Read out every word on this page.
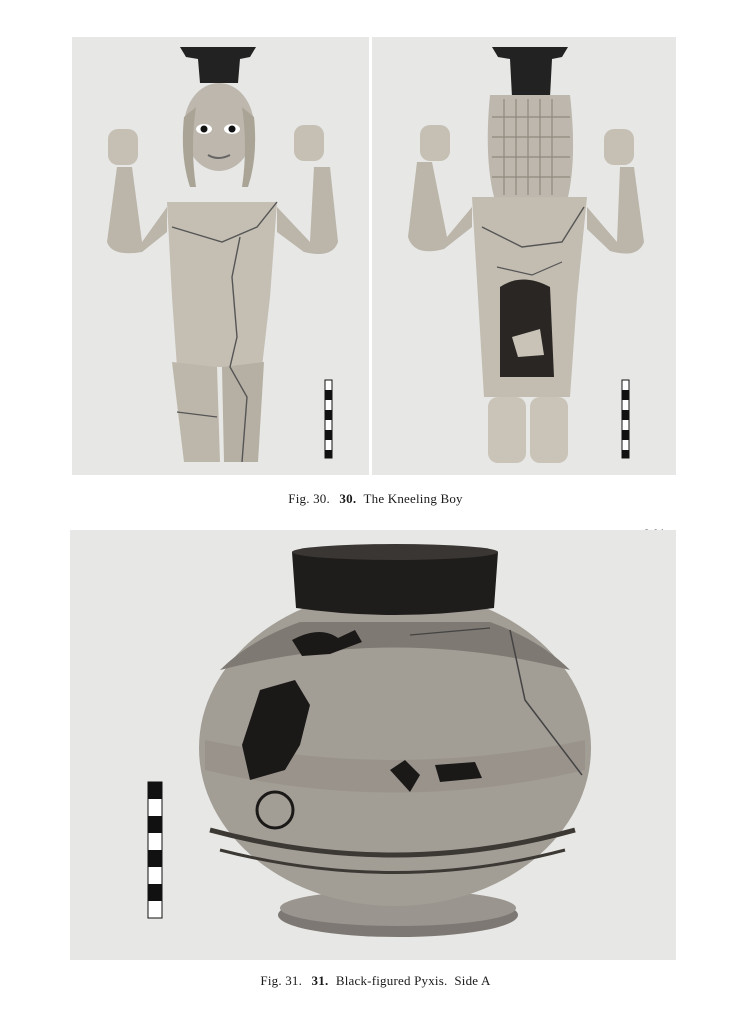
Fig. 30. 30. The Kneeling Boy
Fig. 31. 31. Black-figured Pyxis.  Side A
